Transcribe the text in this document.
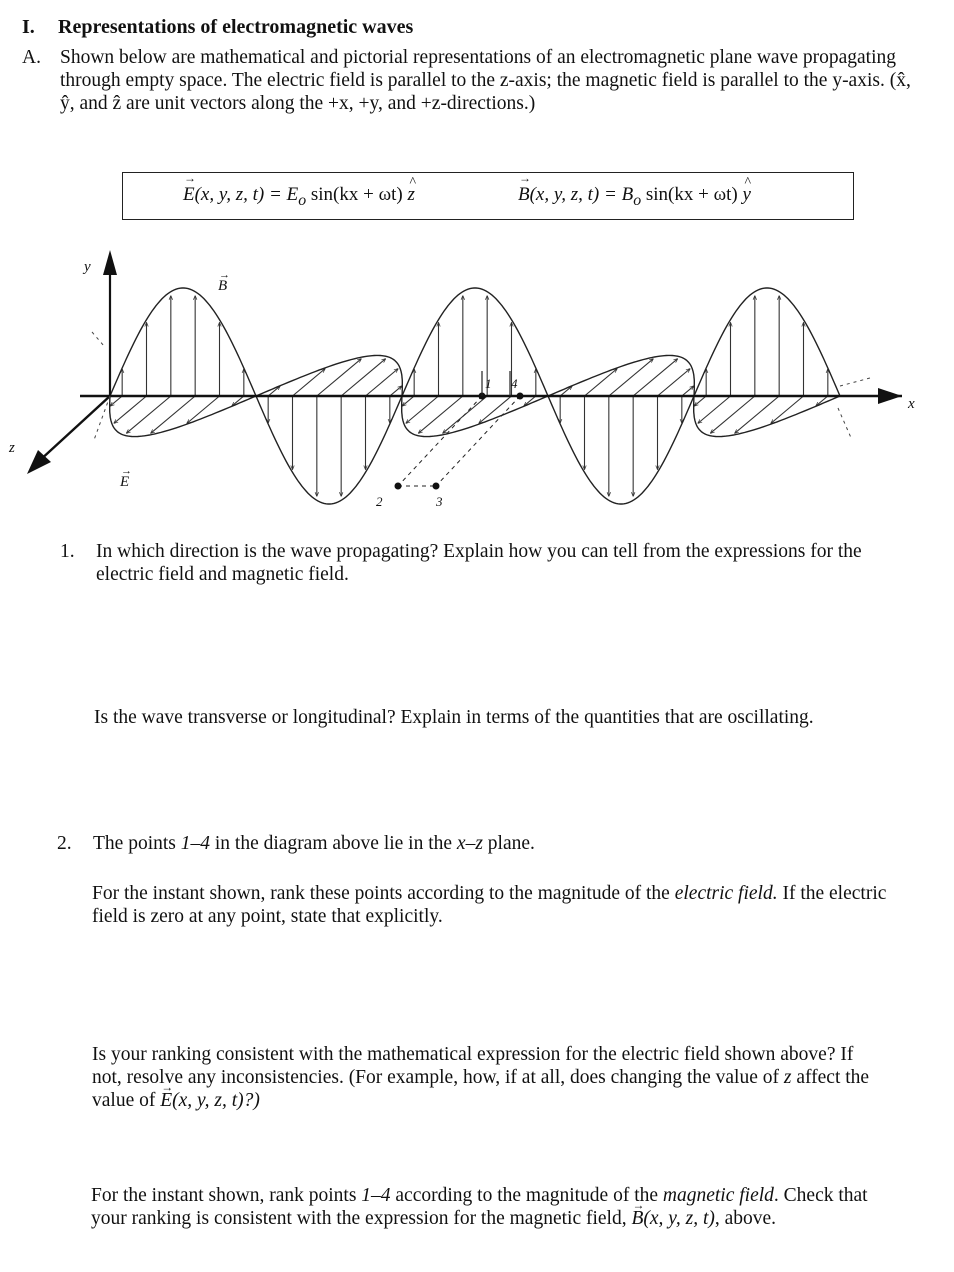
I. Representations of electromagnetic waves
A. Shown below are mathematical and pictorial representations of an electromagnetic plane wave propagating through empty space. The electric field is parallel to the z-axis; the magnetic field is parallel to the y-axis. (x̂, ŷ, and ẑ are unit vectors along the +x, +y, and +z-directions.)
→ E(x, y, z, $t) = E_o$ sin(kx + ωt) ^ z
→	B(x, y, z, $t) = B_o$ sin(kx + ωt) ^ y
y
x
z
B
E
1
2	3
4
→
→
1. In which direction is the wave propagating? Explain how you can tell from the expressions for the electric field and magnetic field.
Is the wave transverse or longitudinal? Explain in terms of the quantities that are oscillating.
2. The points 1–4 in the diagram above lie in the x–z plane.
For the instant shown, rank these points according to the magnitude of the electric field. If the electric field is zero at any point, state that explicitly.
Is your ranking consistent with the mathematical expression for the electric field shown above? If not, resolve any inconsistencies. (For example, how, if at all, does changing the value of z affect the value of → E(x, y, z, t)?)
For the instant shown, rank points 1–4 according to the magnitude of the magnetic field. Check that your ranking is consistent with the expression for the magnetic field, → B(x, y, z, t), above.
